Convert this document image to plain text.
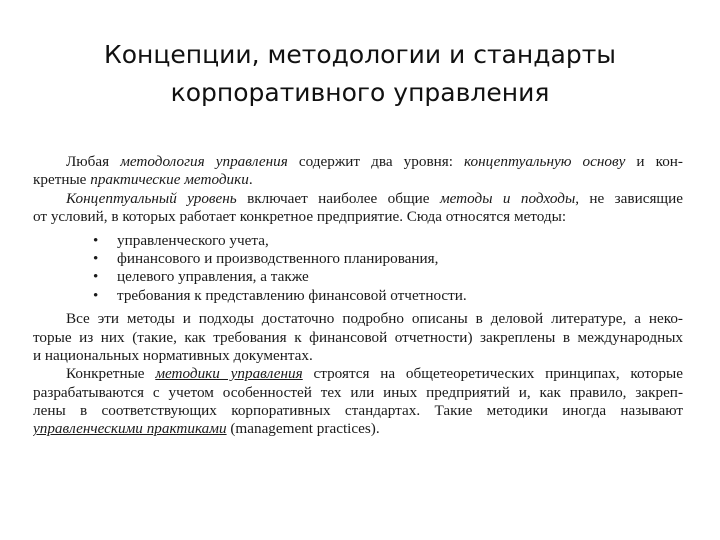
Концепции, методологии и стандарты
корпоративного управления
Любая методология управления содержит два уровня: концептуальную основу и кон-
кретные практические методики.
Концептуальный уровень включает наиболее общие методы и подходы, не зависящие
от условий, в которых работает конкретное предприятие. Сюда относятся методы:
• управленческого учета,
• финансового и производственного планирования,
• целевого управления, а также
• требования к представлению финансовой отчетности.
Все эти методы и подходы достаточно подробно описаны в деловой литературе, а неко-
торые из них (такие, как требования к финансовой отчетности) закреплены в международных
и национальных нормативных документах.
Конкретные методики управления строятся на общетеоретических принципах, которые
разрабатываются с учетом особенностей тех или иных предприятий и, как правило, закреп-
лены в соответствующих корпоративных стандартах. Такие методики иногда называют
управленческими практиками (management practices).
